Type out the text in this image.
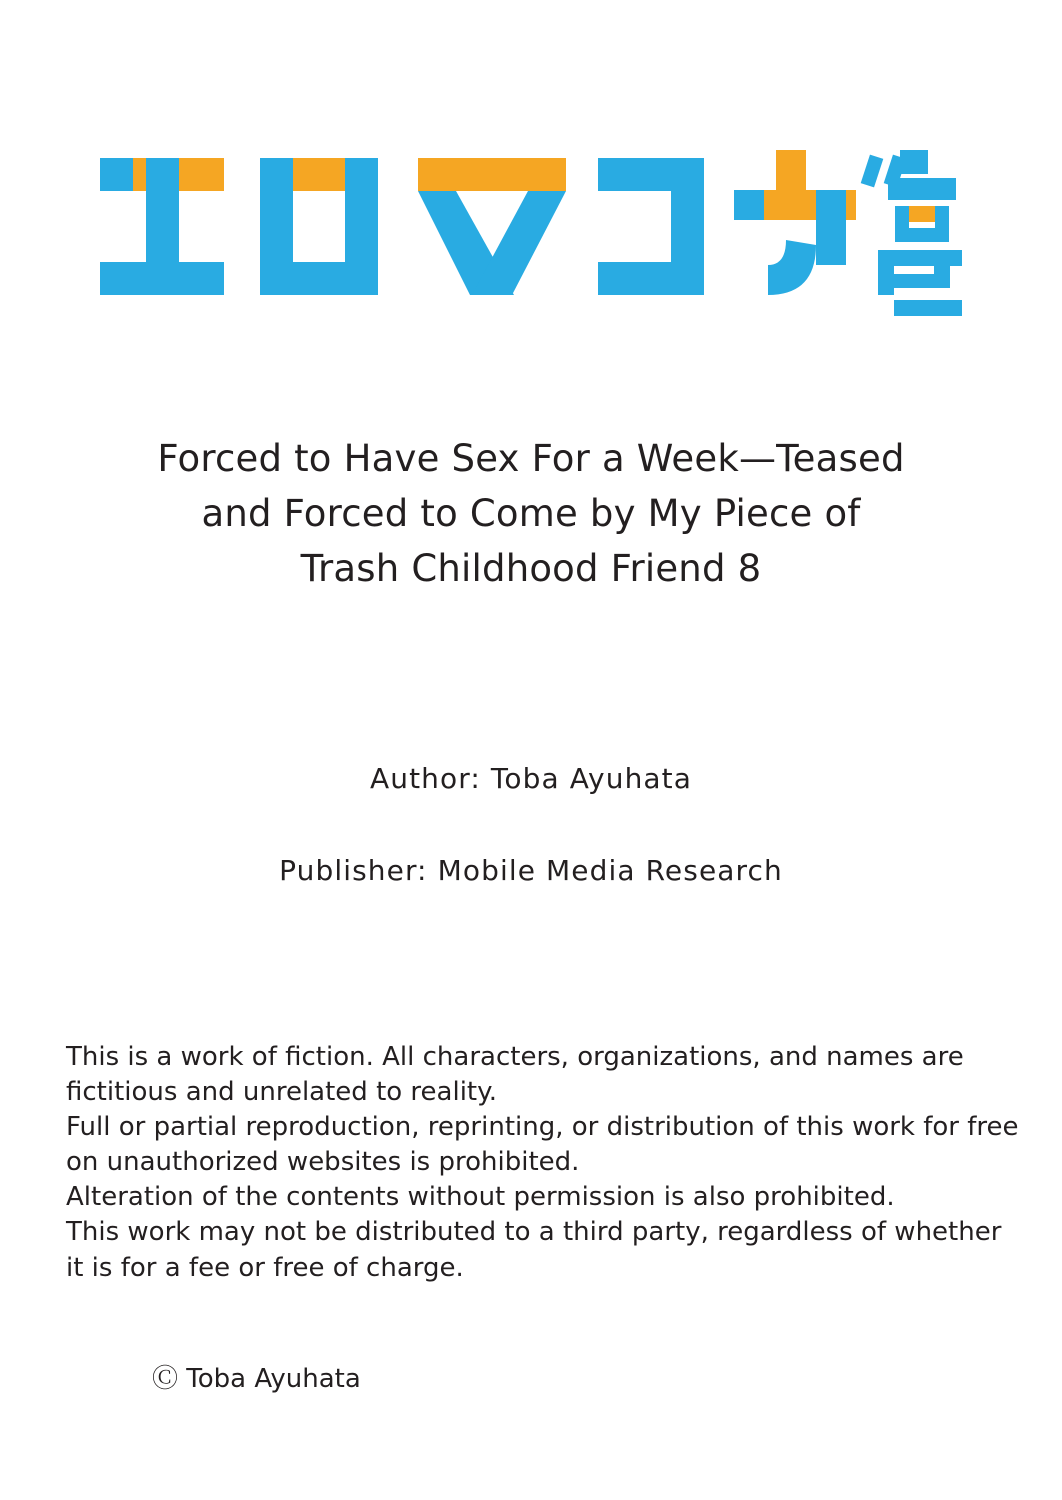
Forced to Have Sex For a Week—Teased and Forced to Come by My Piece of Trash Childhood Friend 8
Author: Toba Ayuhata
Publisher: Mobile Media Research

This is a work of fiction. All characters, organizations, and names are fictitious and unrelated to reality.

Full or partial reproduction, reprinting, or distribution of this work for free on unauthorized websites is prohibited.

Alteration of the contents without permission is also prohibited.

This work may not be distributed to a third party, regardless of whether it is for a fee or free of charge.

Ⓒ Toba Ayuhata
